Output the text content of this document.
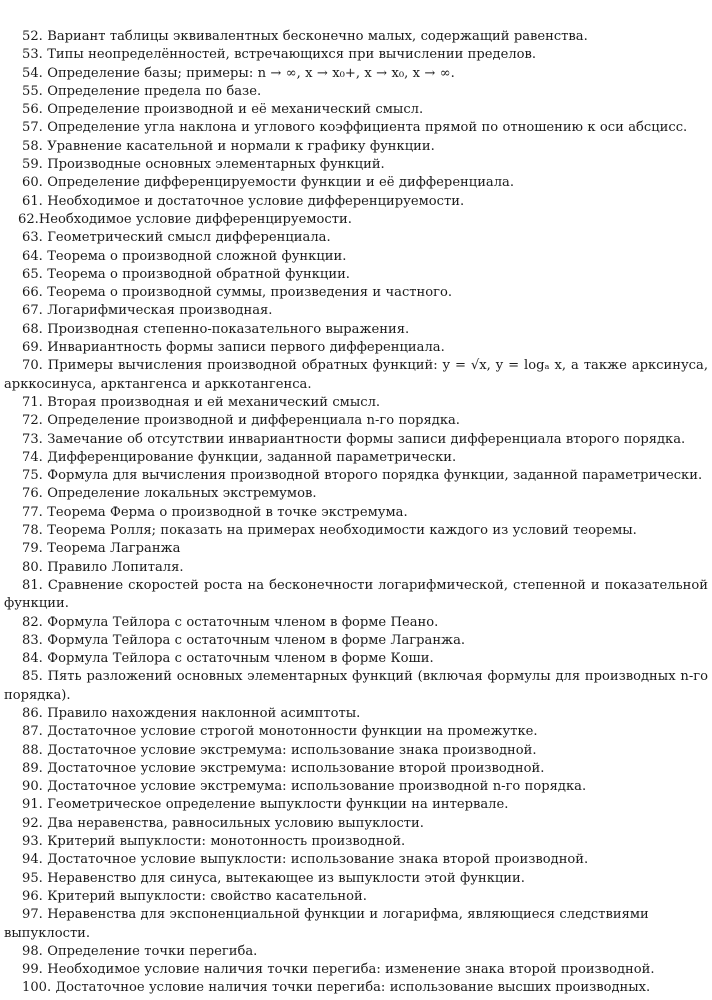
52. Вариант таблицы эквивалентных бесконечно малых, содержащий равенства.
53. Типы неопределённостей, встречающихся при вычислении пределов.
54. Определение базы; примеры: n → ∞, x → x₀+, x → x₀, x → ∞.
55. Определение предела по базе.
56. Определение производной и её механический смысл.
57. Определение угла наклона и углового коэффициента прямой по отношению к оси абсцисс.
58. Уравнение касательной и нормали к графику функции.
59. Производные основных элементарных функций.
60. Определение дифференцируемости функции и её дифференциала.
61. Необходимое и достаточное условие дифференцируемости.
62.Необходимое условие дифференцируемости.
63. Геометрический смысл дифференциала.
64. Теорема о производной сложной функции.
65. Теорема о производной обратной функции.
66. Теорема о производной суммы, произведения и частного.
67. Логарифмическая производная.
68. Производная степенно-показательного выражения.
69. Инвариантность формы записи первого дифференциала.
70. Примеры вычисления производной обратных функций: y = √x, y = logₐ x, а также арксинуса, арккосинуса, арктангенса и арккотангенса.
71. Вторая производная и ей механический смысл.
72. Определение производной и дифференциала n-го порядка.
73. Замечание об отсутствии инвариантности формы записи дифференциала второго порядка.
74. Дифференцирование функции, заданной параметрически.
75. Формула для вычисления производной второго порядка функции, заданной параметрически.
76. Определение локальных экстремумов.
77. Теорема Ферма о производной в точке экстремума.
78. Теорема Ролля; показать на примерах необходимости каждого из условий теоремы.
79. Теорема Лагранжа
80. Правило Лопиталя.
81. Сравнение скоростей роста на бесконечности логарифмической, степенной и показательной функции.
82. Формула Тейлора с остаточным членом в форме Пеано.
83. Формула Тейлора с остаточным членом в форме Лагранжа.
84. Формула Тейлора с остаточным членом в форме Коши.
85. Пять разложений основных элементарных функций (включая формулы для производных n-го порядка).
86. Правило нахождения наклонной асимптоты.
87. Достаточное условие строгой монотонности функции на промежутке.
88. Достаточное условие экстремума: использование знака производной.
89. Достаточное условие экстремума: использование второй производной.
90. Достаточное условие экстремума: использование производной n-го порядка.
91. Геометрическое определение выпуклости функции на интервале.
92. Два неравенства, равносильных условию выпуклости.
93. Критерий выпуклости: монотонность производной.
94. Достаточное условие выпуклости: использование знака второй производной.
95. Неравенство для синуса, вытекающее из выпуклости этой функции.
96. Критерий выпуклости: свойство касательной.
97. Неравенства для экспоненциальной функции и логарифма, являющиеся следствиями выпуклости.
98. Определение точки перегиба.
99. Необходимое условие наличия точки перегиба: изменение знака второй производной.
100. Достаточное условие наличия точки перегиба: использование высших производных.
